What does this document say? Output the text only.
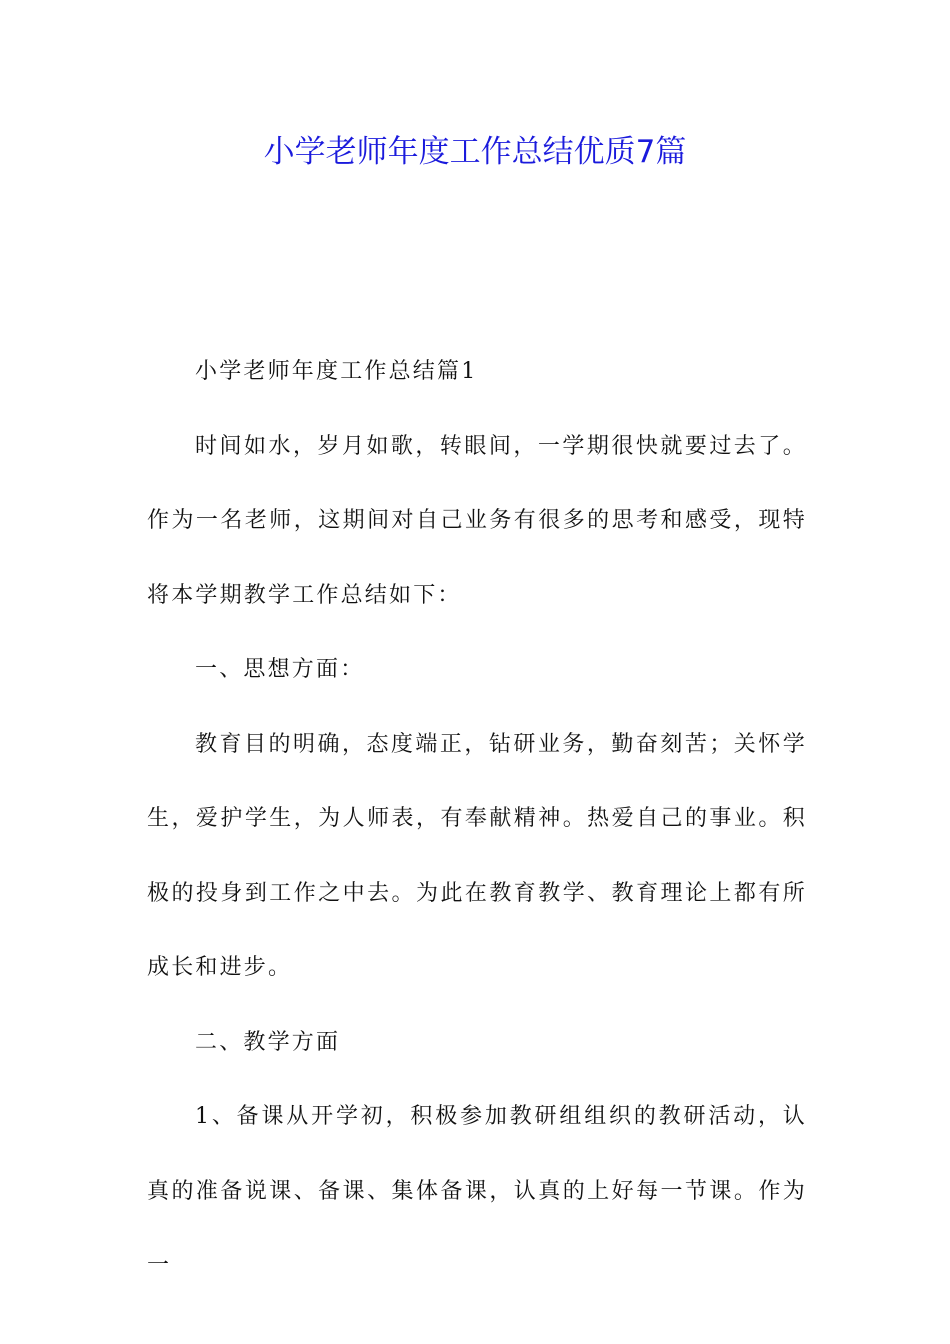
小学老师年度工作总结优质7篇

小学老师年度工作总结篇1

时间如水，岁月如歌，转眼间，一学期很快就要过去了。作为一名老师，这期间对自己业务有很多的思考和感受，现特将本学期教学工作总结如下：

一、思想方面：

教育目的明确，态度端正，钻研业务，勤奋刻苦；关怀学生，爱护学生，为人师表，有奉献精神。热爱自己的事业。积极的投身到工作之中去。为此在教育教学、教育理论上都有所成长和进步。

二、教学方面

1、备课从开学初，积极参加教研组组织的教研活动，认真的准备说课、备课、集体备课，认真的上好每一节课。作为一
